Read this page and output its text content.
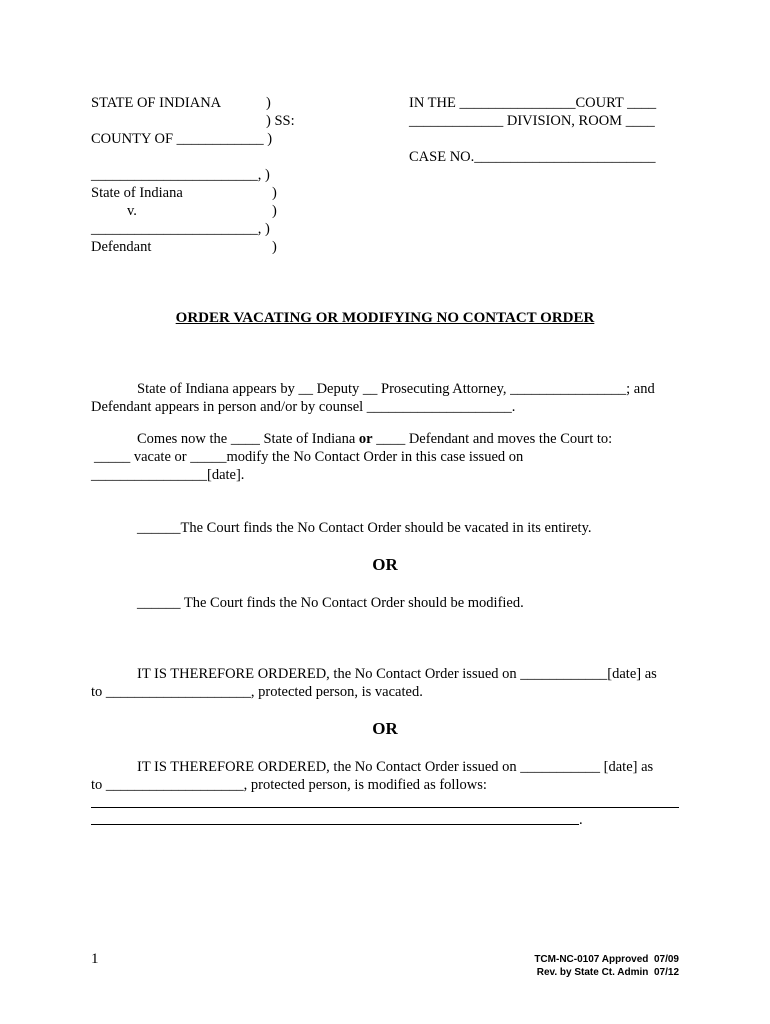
STATE OF INDIANA	)
) SS:
COUNTY OF ____________ )
_______________________, )
State of Indiana	)
v.	)
_______________________, )
Defendant	)
IN THE ________________COURT ____
_____________ DIVISION, ROOM ____
CASE NO._________________________
ORDER VACATING OR MODIFYING NO CONTACT ORDER
State of Indiana appears by __ Deputy __ Prosecuting Attorney, ________________; and
Defendant appears in person and/or by counsel ____________________.
Comes now the ____ State of Indiana or ____ Defendant and moves the Court to:
_____ vacate or _____modify the No Contact Order in this case issued on
________________[date].
______The Court finds the No Contact Order should be vacated in its entirety.
OR
______ The Court finds the No Contact Order should be modified.
IT IS THEREFORE ORDERED, the No Contact Order issued on ____________[date] as
to ____________________, protected person, is vacated.
OR
IT IS THEREFORE ORDERED, the No Contact Order issued on ___________ [date] as
to ___________________, protected person, is modified as follows:
.
1	TCM-NC-0107 Approved  07/09
Rev. by State Ct. Admin  07/12
